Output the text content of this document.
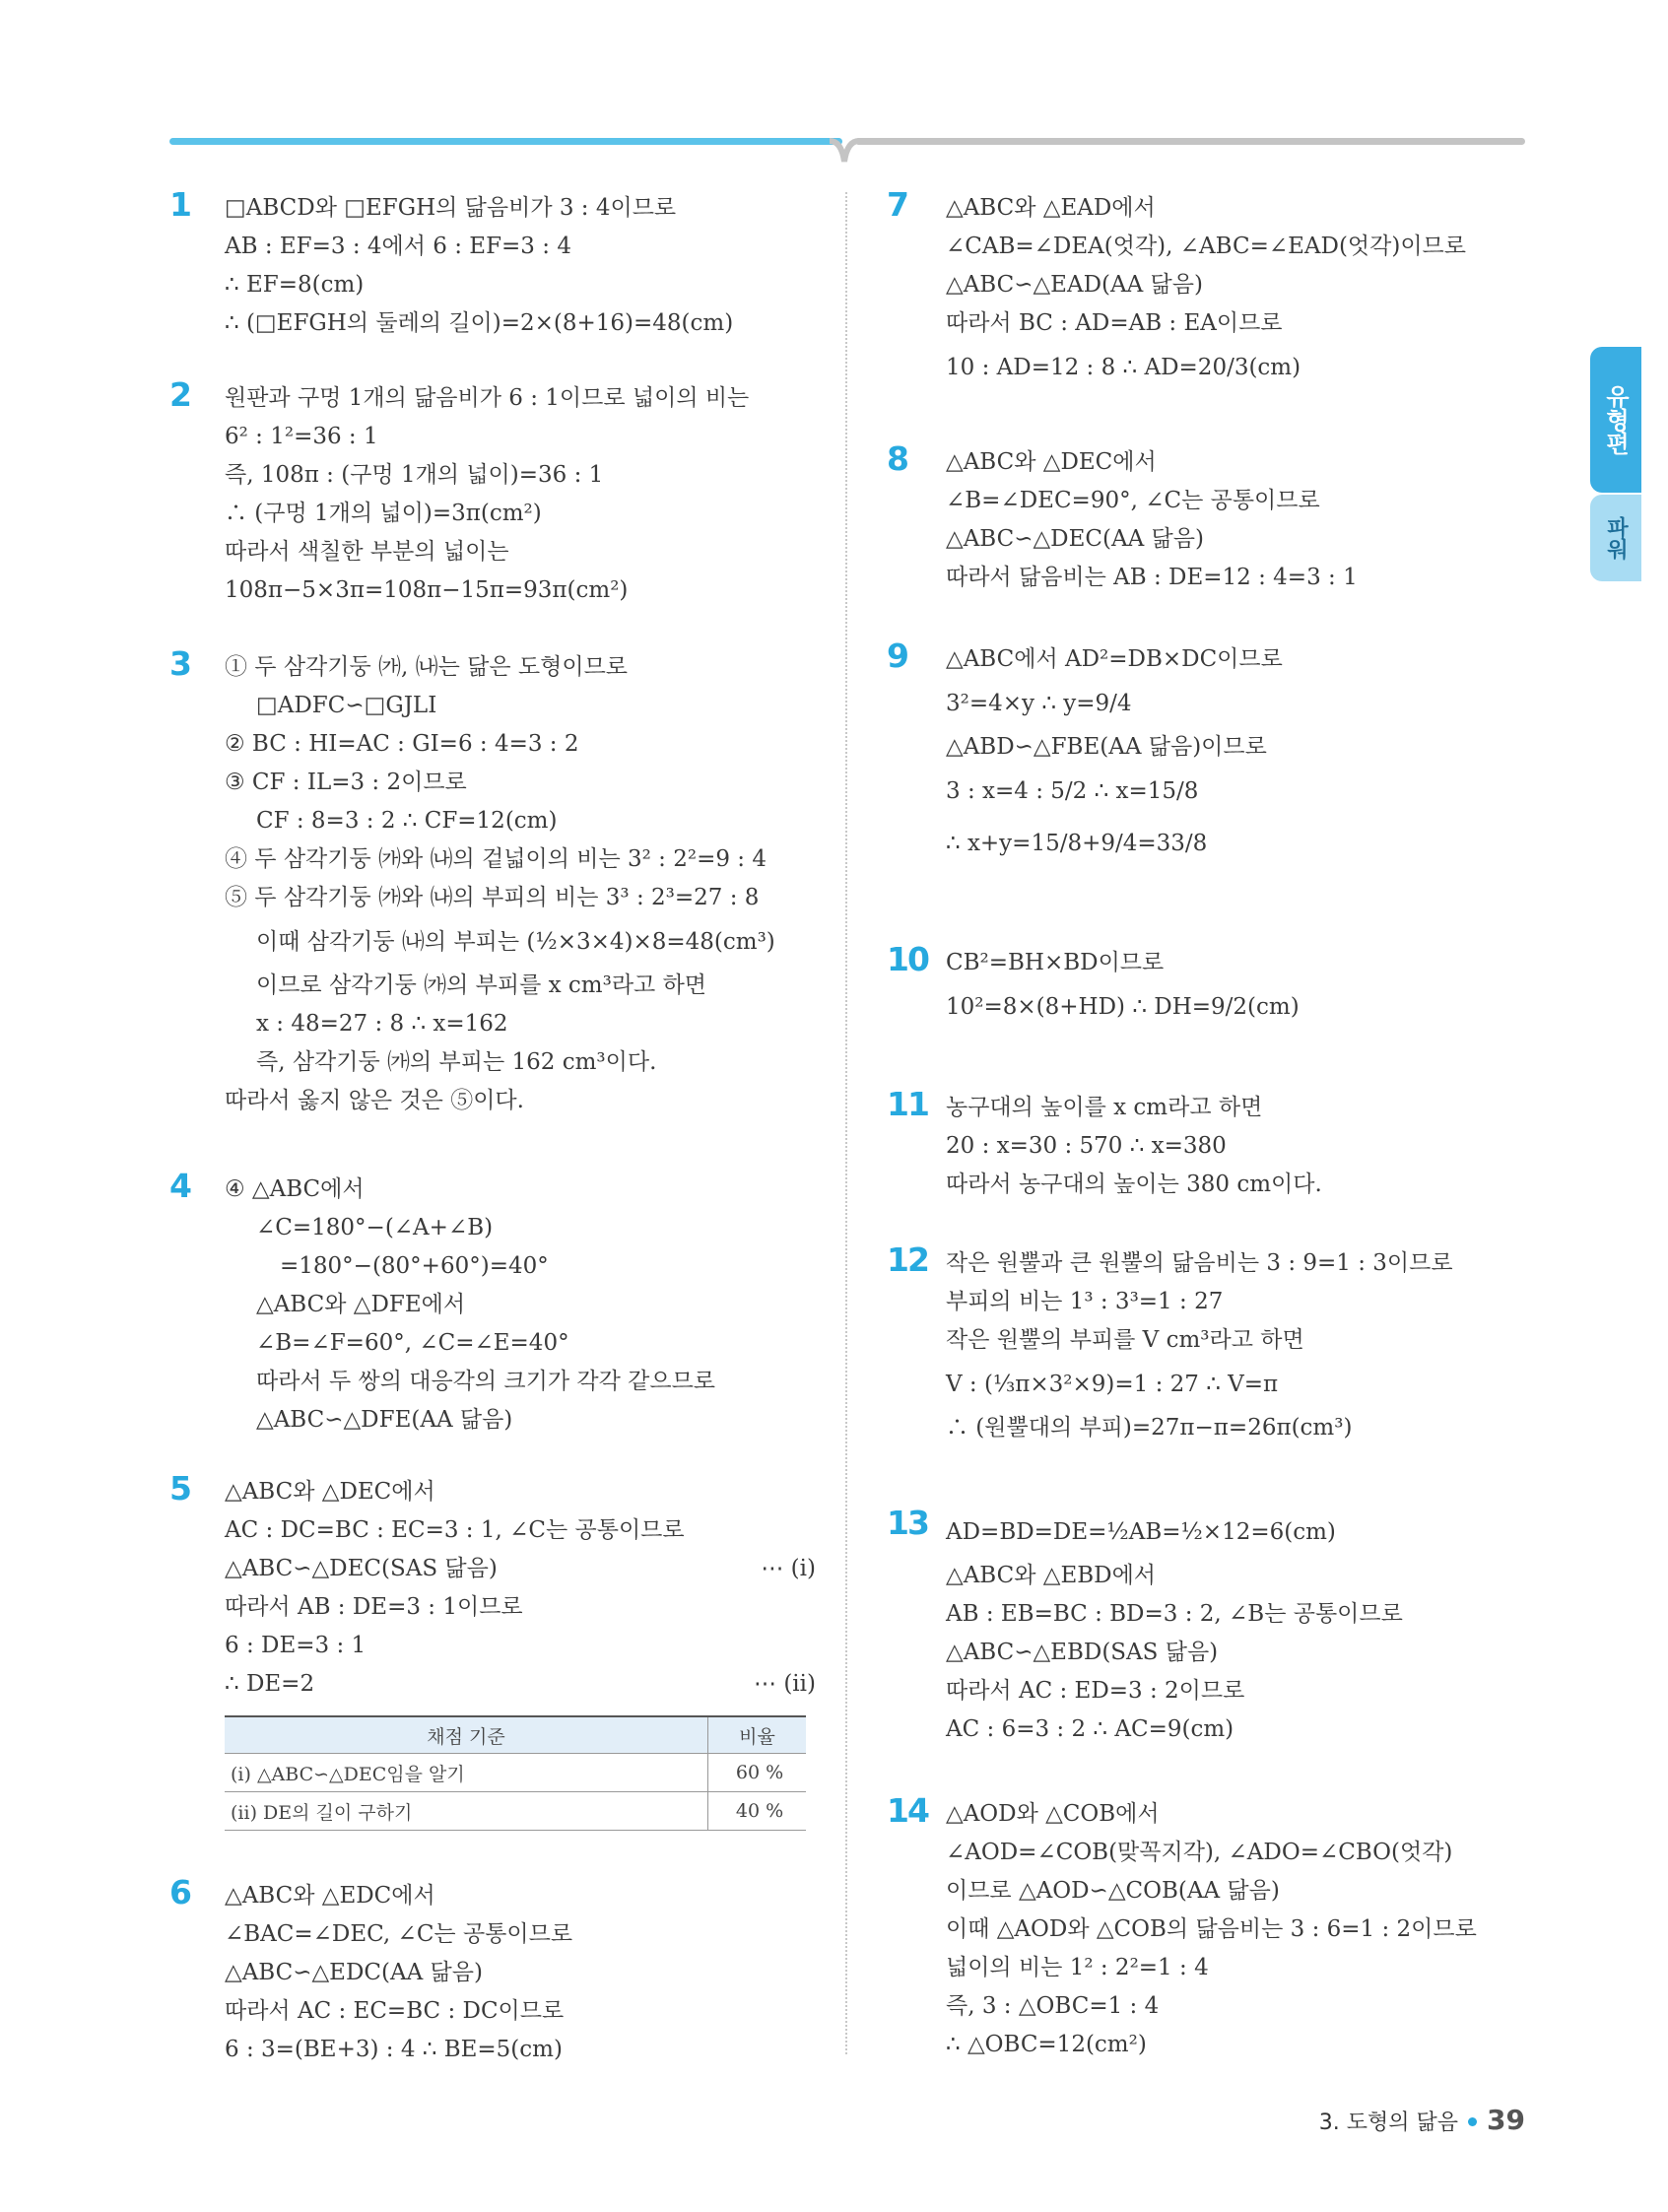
1	□ABCD와 □EFGH의 닮음비가 3 : 4이므로
AB : EF=3 : 4에서 6 : EF=3 : 4
∴ EF=8(cm)
∴ (□EFGH의 둘레의 길이)=2×(8+16)=48(cm)
2	원판과 구멍 1개의 닮음비가 6 : 1이므로 넓이의 비는
6² : 1²=36 : 1
즉, 108π : (구멍 1개의 넓이)=36 : 1
∴ (구멍 1개의 넓이)=3π(cm²)
따라서 색칠한 부분의 넓이는
108π−5×3π=108π−15π=93π(cm²)
3	① 두 삼각기둥 ㈎, ㈏는 닮은 도형이므로
□ADFC∽□GJLI
② BC : HI=AC : GI=6 : 4=3 : 2
③ CF : IL=3 : 2이므로
CF : 8=3 : 2 ∴ CF=12(cm)
④ 두 삼각기둥 ㈎와 ㈏의 겉넓이의 비는 3² : 2²=9 : 4
⑤ 두 삼각기둥 ㈎와 ㈏의 부피의 비는 3³ : 2³=27 : 8
이때 삼각기둥 ㈏의 부피는 (½×3×4)×8=48(cm³)
이므로 삼각기둥 ㈎의 부피를 x cm³라고 하면
x : 48=27 : 8 ∴ x=162
즉, 삼각기둥 ㈎의 부피는 162 cm³이다.
따라서 옳지 않은 것은 ⑤이다.
4	④ △ABC에서
∠C=180°−(∠A+∠B)
=180°−(80°+60°)=40°
△ABC와 △DFE에서
∠B=∠F=60°, ∠C=∠E=40°
따라서 두 쌍의 대응각의 크기가 각각 같으므로
△ABC∽△DFE(AA 닮음)
5	△ABC와 △DEC에서
AC : DC=BC : EC=3 : 1, ∠C는 공통이므로
△ABC∽△DEC(SAS 닮음)	⋯ (ⅰ)
따라서 AB : DE=3 : 1이므로
6 : DE=3 : 1
∴ DE=2	⋯ (ⅱ)
채점 기준	비율
(ⅰ) △ABC∽△DEC임을 알기	60 %
(ⅱ) DE의 길이 구하기	40 %
6	△ABC와 △EDC에서
∠BAC=∠DEC, ∠C는 공통이므로
△ABC∽△EDC(AA 닮음)
따라서 AC : EC=BC : DC이므로
6 : 3=(BE+3) : 4 ∴ BE=5(cm)
7	△ABC와 △EAD에서
∠CAB=∠DEA(엇각), ∠ABC=∠EAD(엇각)이므로
△ABC∽△EAD(AA 닮음)
따라서 BC : AD=AB : EA이므로
10 : AD=12 : 8 ∴ AD=20/3(cm)
8	△ABC와 △DEC에서
∠B=∠DEC=90°, ∠C는 공통이므로
△ABC∽△DEC(AA 닮음)
따라서 닮음비는 AB : DE=12 : 4=3 : 1
9	△ABC에서 AD²=DB×DC이므로
3²=4×y ∴ y=9/4
△ABD∽△FBE(AA 닮음)이므로
3 : x=4 : 5/2 ∴ x=15/8
∴ x+y=15/8+9/4=33/8
10 CB²=BH×BD이므로
10²=8×(8+HD) ∴ DH=9/2(cm)
11 농구대의 높이를 x cm라고 하면
20 : x=30 : 570 ∴ x=380
따라서 농구대의 높이는 380 cm이다.
12 작은 원뿔과 큰 원뿔의 닮음비는 3 : 9=1 : 3이므로
부피의 비는 1³ : 3³=1 : 27
작은 원뿔의 부피를 V cm³라고 하면
V : (⅓π×3²×9)=1 : 27 ∴ V=π
∴ (원뿔대의 부피)=27π−π=26π(cm³)
13 AD=BD=DE=½AB=½×12=6(cm)
△ABC와 △EBD에서
AB : EB=BC : BD=3 : 2, ∠B는 공통이므로
△ABC∽△EBD(SAS 닮음)
따라서 AC : ED=3 : 2이므로
AC : 6=3 : 2 ∴ AC=9(cm)
14 △AOD와 △COB에서
∠AOD=∠COB(맞꼭지각), ∠ADO=∠CBO(엇각)
이므로 △AOD∽△COB(AA 닮음)
이때 △AOD와 △COB의 닮음비는 3 : 6=1 : 2이므로
넓이의 비는 1² : 2²=1 : 4
즉, 3 : △OBC=1 : 4
∴ △OBC=12(cm²)
유형편
파워
3. 도형의 닮음 39
